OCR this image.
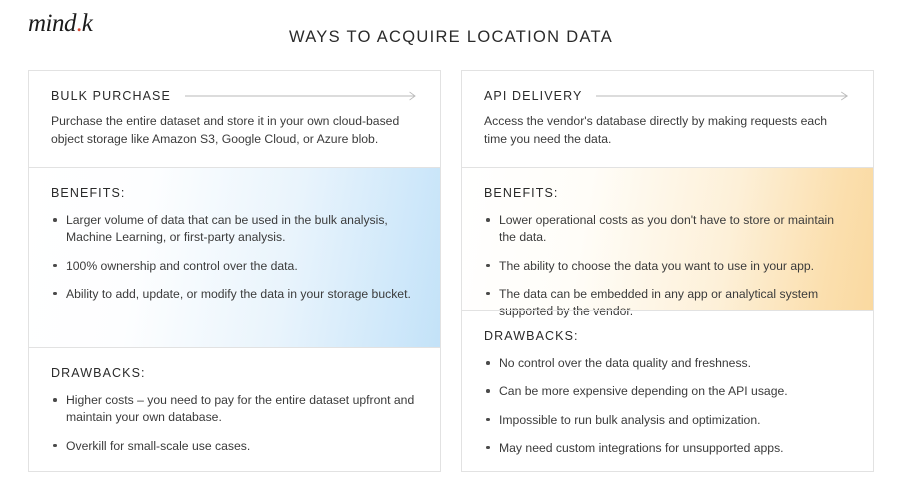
mind.k	WAYS TO ACQUIRE LOCATION DATA
BULK PURCHASE

Purchase the entire dataset and store it in your own cloud-based object storage like Amazon S3, Google Cloud, or Azure blob.

BENEFITS:
Larger volume of data that can be used in the bulk analysis, Machine Learning, or first-party analysis.
100% ownership and control over the data.
Ability to add, update, or modify the data in your storage bucket.
DRAWBACKS:
Higher costs – you need to pay for the entire dataset upfront and maintain your own database.
Overkill for small-scale use cases.
API DELIVERY

Access the vendor's database directly by making requests each time you need the data.

BENEFITS:
Lower operational costs as you don't have to store or maintain the data.
The ability to choose the data you want to use in your app.
The data can be embedded in any app or analytical system supported by the vendor.
DRAWBACKS:
No control over the data quality and freshness.
Can be more expensive depending on the API usage.
Impossible to run bulk analysis and optimization.
May need custom integrations for unsupported apps.
